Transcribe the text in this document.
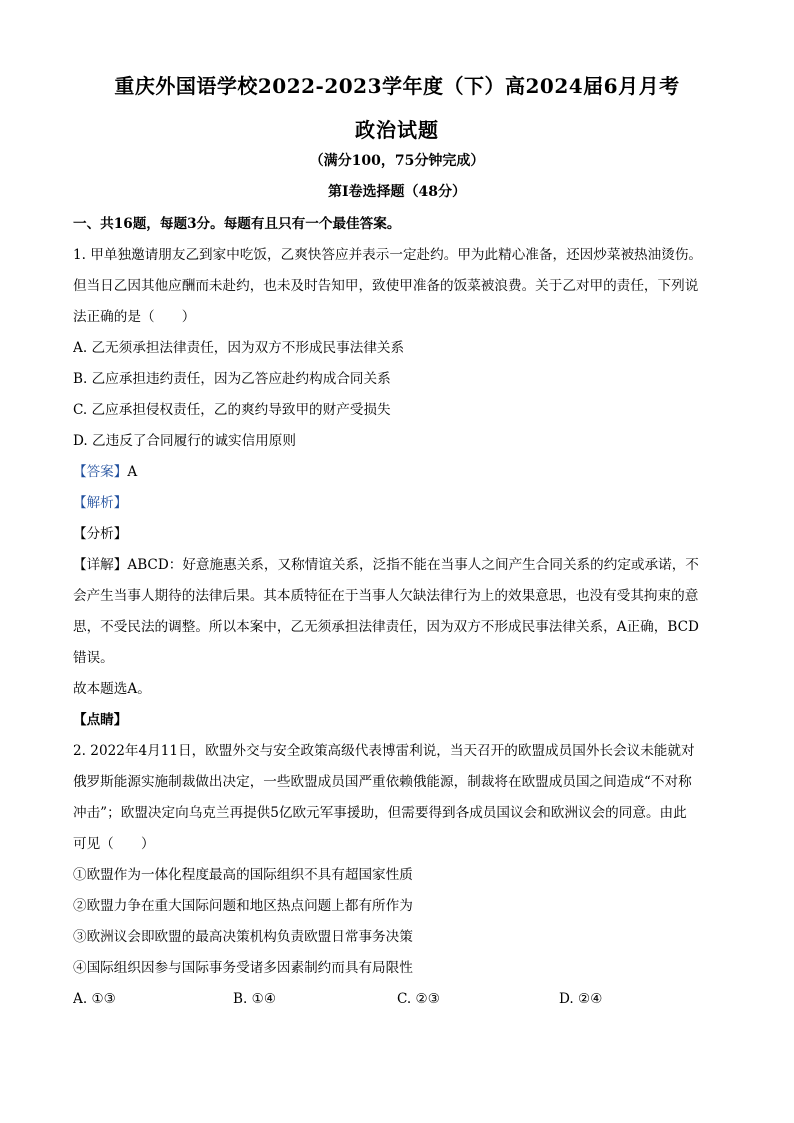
重庆外国语学校2022-2023学年度（下）高2024届6月月考
政治试题
（满分100，75分钟完成）
第Ⅰ卷选择题（48分）
一、共16题，每题3分。每题有且只有一个最佳答案。
1. 甲单独邀请朋友乙到家中吃饭，乙爽快答应并表示一定赴约。甲为此精心准备，还因炒菜被热油烫伤。
但当日乙因其他应酬而未赴约，也未及时告知甲，致使甲准备的饭菜被浪费。关于乙对甲的责任，下列说
法正确的是（　　）
A. 乙无须承担法律责任，因为双方不形成民事法律关系
B. 乙应承担违约责任，因为乙答应赴约构成合同关系
C. 乙应承担侵权责任，乙的爽约导致甲的财产受损失
D. 乙违反了合同履行的诚实信用原则
【答案】A
【解析】
【分析】
【详解】ABCD：好意施惠关系，又称情谊关系，泛指不能在当事人之间产生合同关系的约定或承诺，不
会产生当事人期待的法律后果。其本质特征在于当事人欠缺法律行为上的效果意思，也没有受其拘束的意
思，不受民法的调整。所以本案中，乙无须承担法律责任，因为双方不形成民事法律关系，A正确，BCD
错误。
故本题选A。
【点睛】
2. 2022年4月11日，欧盟外交与安全政策高级代表博雷利说，当天召开的欧盟成员国外长会议未能就对
俄罗斯能源实施制裁做出决定，一些欧盟成员国严重依赖俄能源，制裁将在欧盟成员国之间造成“不对称
冲击”；欧盟决定向乌克兰再提供5亿欧元军事援助，但需要得到各成员国议会和欧洲议会的同意。由此
可见（　　）
①欧盟作为一体化程度最高的国际组织不具有超国家性质
②欧盟力争在重大国际问题和地区热点问题上都有所作为
③欧洲议会即欧盟的最高决策机构负责欧盟日常事务决策
④国际组织因参与国际事务受诸多因素制约而具有局限性
A. ①③	B. ①④	C. ②③	D. ②④
